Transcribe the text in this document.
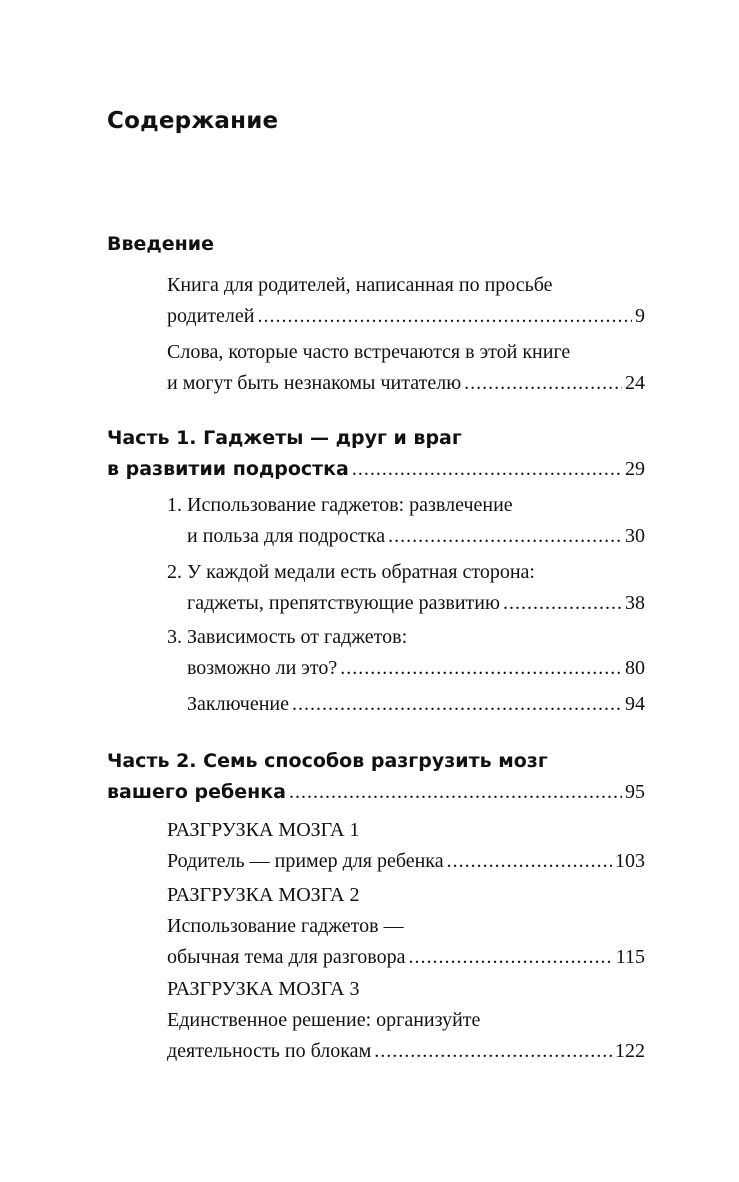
Содержание
Введение
Книга для родителей, написанная по просьбе
родителей .....	9
Слова, которые часто встречаются в этой книге
и могут быть незнакомы читателю .....	24
Часть 1. Гаджеты — друг и враг
в развитии подростка .....	29
1. Использование гаджетов: развлечение
и польза для подростка .....	30
2. У каждой медали есть обратная сторона:
гаджеты, препятствующие развитию .....	38
3. Зависимость от гаджетов:
возможно ли это? .....	80
Заключение .....	94
Часть 2. Семь способов разгрузить мозг
вашего ребенка .....	95
РАЗГРУЗКА МОЗГА 1
Родитель — пример для ребенка .....	103
РАЗГРУЗКА МОЗГА 2
Использование гаджетов —
обычная тема для разговора .....	115
РАЗГРУЗКА МОЗГА 3
Единственное решение: организуйте
деятельность по блокам .....	122
